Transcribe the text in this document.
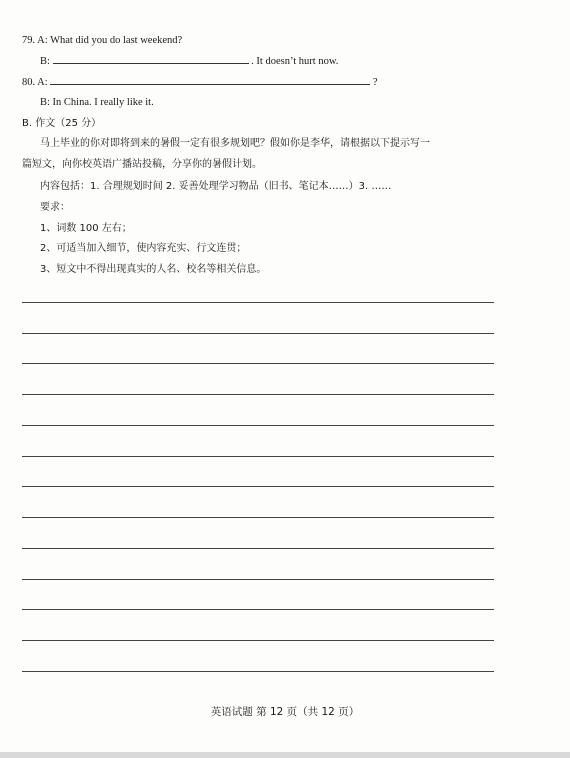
79. A: What did you do last weekend?
B:	. It doesn’t hurt now.
80. A:	?
B: In China. I really like it.
B. 作文（25 分）
马上毕业的你对即将到来的暑假一定有很多规划吧？假如你是李华，请根据以下提示写一
篇短文，向你校英语广播站投稿，分享你的暑假计划。
内容包括：1. 合理规划时间 2. 妥善处理学习物品（旧书、笔记本……）3. ……
要求：
1、词数 100 左右；
2、可适当加入细节，使内容充实、行文连贯；
3、短文中不得出现真实的人名、校名等相关信息。
英语试题 第 12 页（共 12 页）
